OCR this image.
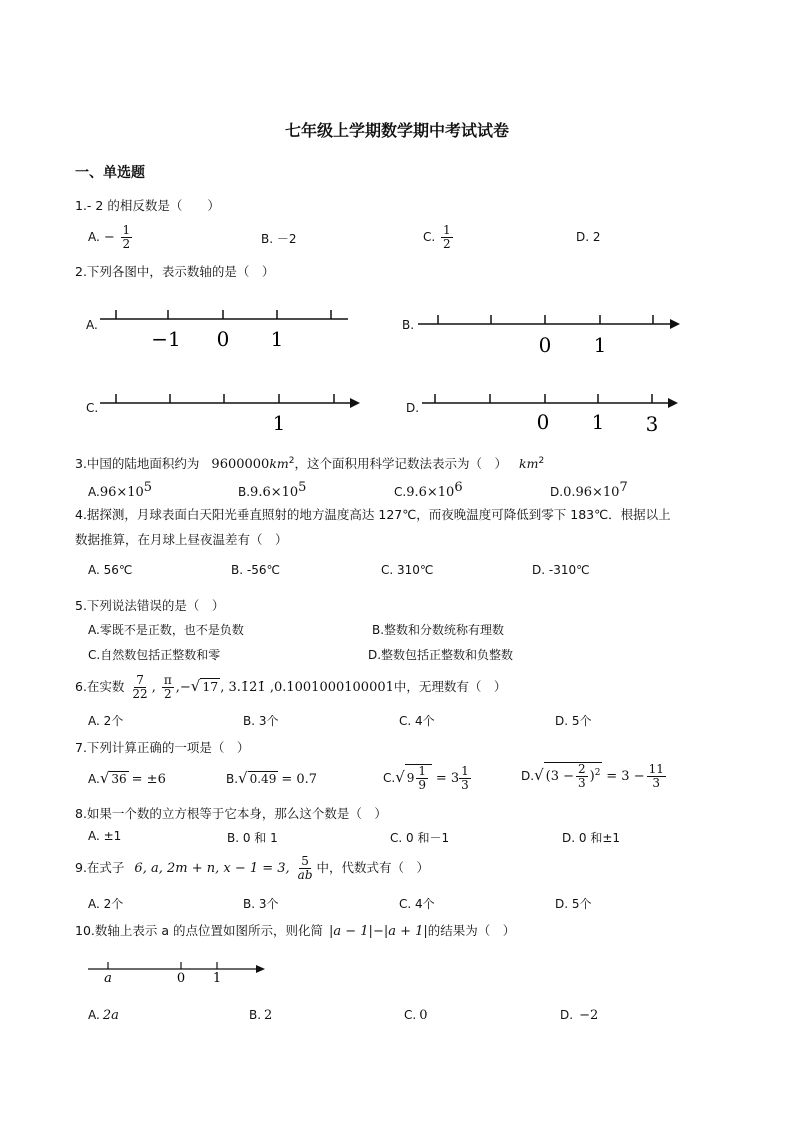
七年级上学期数学期中考试试卷
一、单选题
1.- 2 的相反数是（　　）
A. − $\frac{1}{2}$	B. －2	C. $\frac{1}{2}$	D. 2
2.下列各图中，表示数轴的是（　）
A.	B.
C.	D.
−1 0 1	0 1
1	0 1 3
a	0 1
3.中国的陆地面积约为 $9600000km^2$，这个面积用科学记数法表示为（　） $km^2$
$A.96\times 10^5$	$B.9.6\times 10^5$	$C.9.6\times 10^6$	$D.0.96\times 10^7$
4.据探测，月球表面白天阳光垂直照射的地方温度高达 127℃，而夜晚温度可降低到零下 183℃．根据以上
数据推算，在月球上昼夜温差有（　）
A. 56℃	B. -56℃	C. 310℃	D. -310℃
5.下列说法错误的是（　）
A.零既不是正数，也不是负数	B.整数和分数统称有理数
C.自然数包括正整数和零	D.整数包括正整数和负整数
6.在实数 $\frac{7}{22}$ , $\frac{\pi}{2}$ ,−√ 17 , 3.1̇2̇1̇ ,0.1001000100001中，无理数有（　）
A. 2个	B. 3个	C. 4个	D. 5个
7.下列计算正确的一项是（　）
A.√ 36 = ±6	B.√ 0.49 = 0.7	C.√ $9 \frac{1}{9} = 3 \frac{1}{3}$	D.√ $(3 - \frac{2}{3} )^2 = 3 - \frac{11}{3}$
8.如果一个数的立方根等于它本身，那么这个数是（　）
A. ±1	B. 0 和 1	C. 0 和－1	D. 0 和±1
9.在式子 6, a, 2m + n, x − 1 = 3, $\frac{5}{ab}$ 中，代数式有（　）
A. 2个	B. 3个	C. 4个	D. 5个
10.数轴上表示 a 的点位置如图所示，则化简 |a − 1|−|a + 1|的结果为（　）
A. 2a	B. 2	C. 0	D. −2
